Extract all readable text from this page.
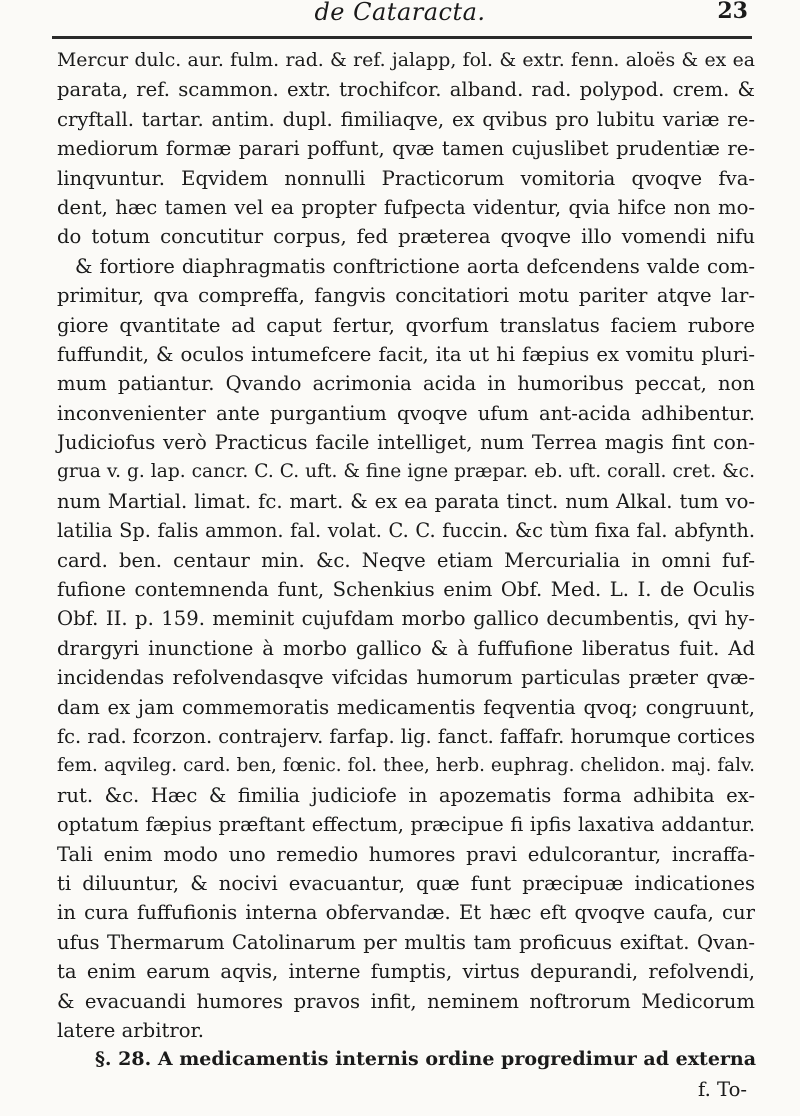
de Cataracta.	23
Mercur dulc. aur. fulm. rad. & ref. jalapp, fol. & extr. fenn. aloës & ex ea
parata, ref. scammon. extr. trochifcor. alband. rad. polypod. crem. &
cryftall. tartar. antim. dupl. fimiliaqve, ex qvibus pro lubitu variæ re-
mediorum formæ parari poffunt, qvæ tamen cujuslibet prudentiæ re-
linqvuntur. Eqvidem nonnulli Practicorum vomitoria qvoqve fva-
dent, hæc tamen vel ea propter fufpecta videntur, qvia hifce non mo-
do totum concutitur corpus, fed præterea qvoqve illo vomendi nifu
& fortiore diaphragmatis conftrictione aorta defcendens valde com-
primitur, qva compreffa, fangvis concitatiori motu pariter atqve lar-
giore qvantitate ad caput fertur, qvorfum translatus faciem rubore
fuffundit, & oculos intumefcere facit, ita ut hi fæpius ex vomitu pluri-
mum patiantur. Qvando acrimonia acida in humoribus peccat, non
inconvenienter ante purgantium qvoqve ufum ant-acida adhibentur.
Judiciofus verò Practicus facile intelliget, num Terrea magis fint con-
grua v. g. lap. cancr. C. C. uft. & fine igne præpar. eb. uft. corall. cret. &c.
num Martial. limat. fc. mart. & ex ea parata tinct. num Alkal. tum vo-
latilia Sp. falis ammon. fal. volat. C. C. fuccin. &c tùm fixa fal. abfynth.
card. ben. centaur min. &c. Neqve etiam Mercurialia in omni fuf-
fufione contemnenda funt, Schenkius enim Obf. Med. L. I. de Oculis
Obf. II. p. 159. meminit cujufdam morbo gallico decumbentis, qvi hy-
drargyri inunctione à morbo gallico & à fuffufione liberatus fuit. Ad
incidendas refolvendasqve vifcidas humorum particulas præter qvæ-
dam ex jam commemoratis medicamentis feqventia qvoq; congruunt,
fc. rad. fcorzon. contrajerv. farfap. lig. fanct. faffafr. horumque cortices
fem. aqvileg. card. ben, fœnic. fol. thee, herb. euphrag. chelidon. maj. falv.
rut. &c. Hæc & fimilia judiciofe in apozematis forma adhibita ex-
optatum fæpius præftant effectum, præcipue fi ipfis laxativa addantur.
Tali enim modo uno remedio humores pravi edulcorantur, incraffa-
ti diluuntur, & nocivi evacuantur, quæ funt præcipuæ indicationes
in cura fuffufionis interna obfervandæ. Et hæc eft qvoqve caufa, cur
ufus Thermarum Catolinarum per multis tam proficuus exiftat. Qvan-
ta enim earum aqvis, interne fumptis, virtus depurandi, refolvendi,
& evacuandi humores pravos infit, neminem noftrorum Medicorum
latere arbitror.
§. 28. A medicamentis internis ordine progredimur ad externa
f. To-
